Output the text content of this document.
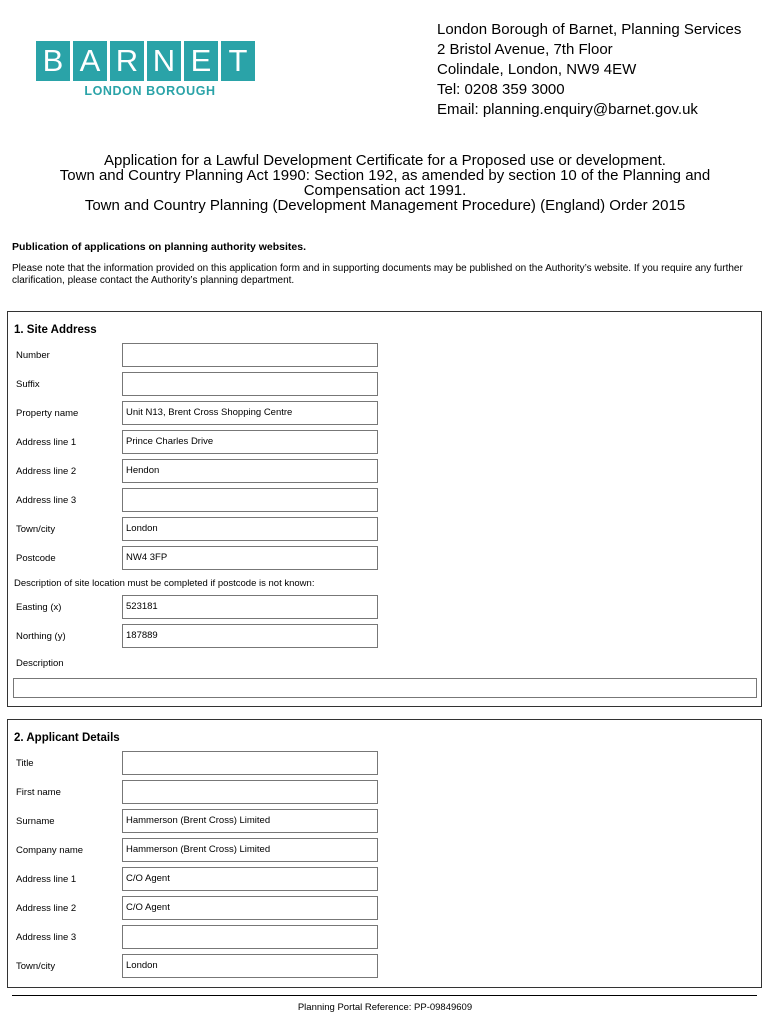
B A R N E T
LONDON BOROUGH
London Borough of Barnet, Planning Services
2 Bristol Avenue, 7th Floor
Colindale, London, NW9 4EW
Tel: 0208 359 3000
Email: planning.enquiry@barnet.gov.uk
Application for a Lawful Development Certificate for a Proposed use or development.
Town and Country Planning Act 1990: Section 192, as amended by section 10 of the Planning and
Compensation act 1991.
Town and Country Planning (Development Management Procedure) (England) Order 2015
Publication of applications on planning authority websites.
Please note that the information provided on this application form and in supporting documents may be published on the Authority’s website. If you require any further clarification, please contact the Authority’s planning department.
1. Site Address
Number
Suffix
Property name	Unit N13, Brent Cross Shopping Centre
Address line 1	Prince Charles Drive
Address line 2	Hendon
Address line 3
Town/city	London
Postcode	NW4 3FP
Description of site location must be completed if postcode is not known:
Easting (x)	523181
Northing (y)	187889
Description
2. Applicant Details
Title
First name
Surname	Hammerson (Brent Cross) Limited
Company name	Hammerson (Brent Cross) Limited
Address line 1	C/O Agent
Address line 2	C/O Agent
Address line 3
Town/city	London
Planning Portal Reference: PP-09849609
